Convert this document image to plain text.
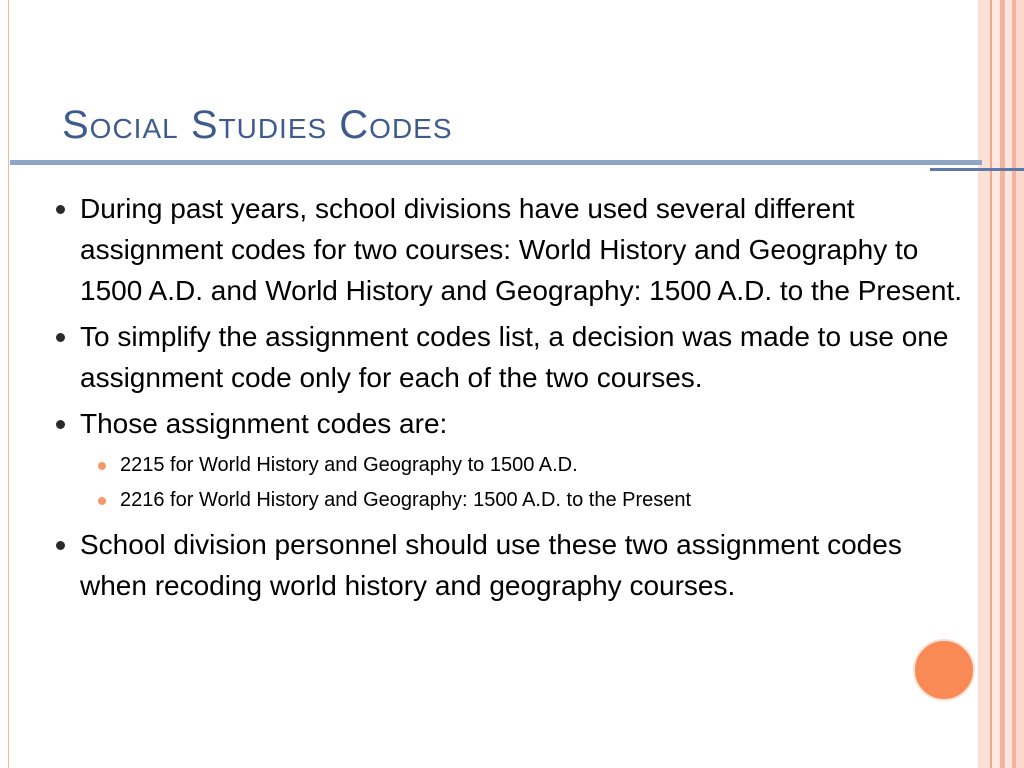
Social Studies Codes
During past years, school divisions have used several different assignment codes for two courses: World History and Geography to 1500 A.D. and World History and Geography: 1500 A.D. to the Present.
To simplify the assignment codes list, a decision was made to use one assignment code only for each of the two courses.
Those assignment codes are:
2215 for World History and Geography to 1500 A.D.
2216 for World History and Geography: 1500 A.D. to the Present
School division personnel should use these two assignment codes when recoding world history and geography courses.
